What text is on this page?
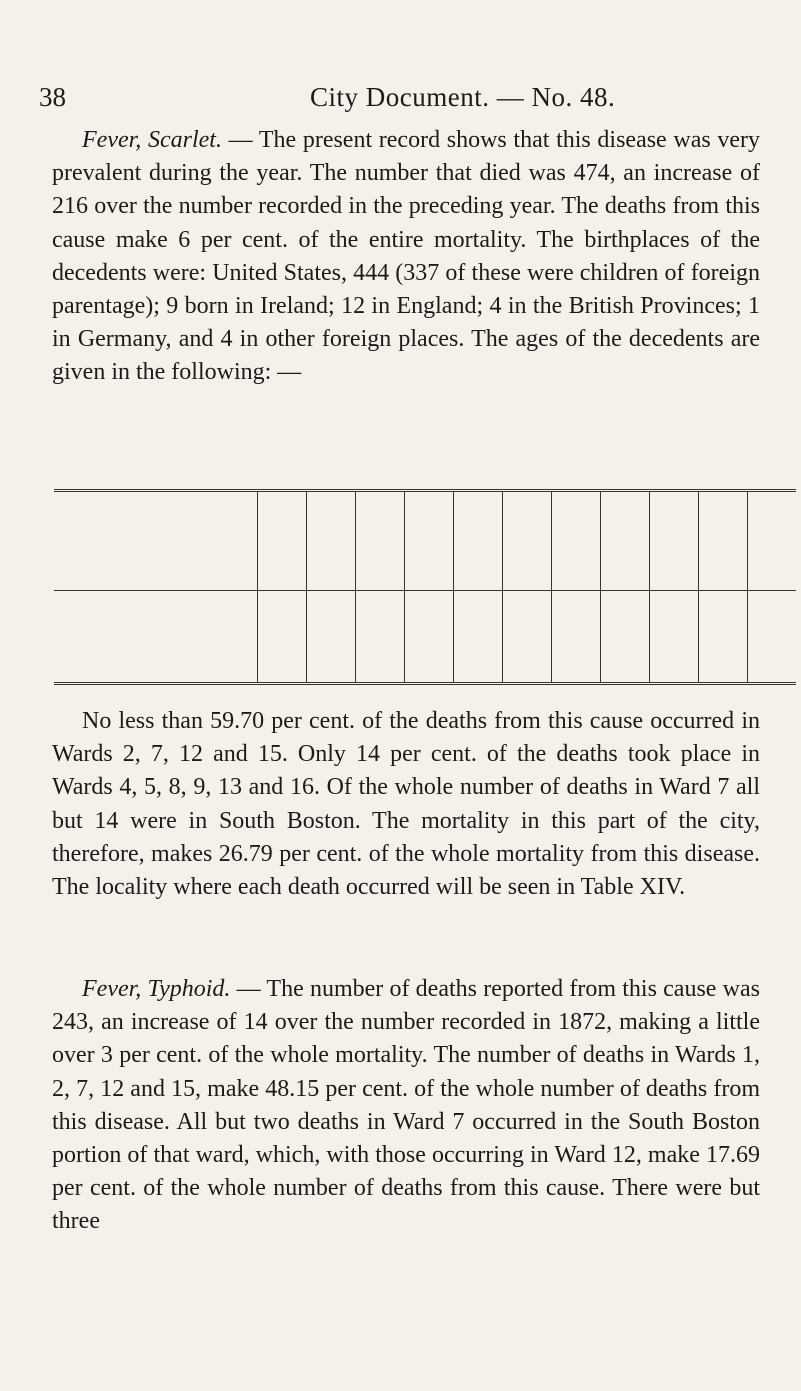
38	City Document. — No. 48.

Fever, Scarlet. — The present record shows that this disease was very prevalent during the year. The number that died was 474, an increase of 216 over the number recorded in the preceding year. The deaths from this cause make 6 per cent. of the entire mortality. The birthplaces of the decedents were: United States, 444 (337 of these were children of foreign parentage); 9 born in Ireland; 12 in England; 4 in the British Provinces; 1 in Germany, and 4 in other foreign places. The ages of the decedents are given in the following: —

No less than 59.70 per cent. of the deaths from this cause occurred in Wards 2, 7, 12 and 15. Only 14 per cent. of the deaths took place in Wards 4, 5, 8, 9, 13 and 16. Of the whole number of deaths in Ward 7 all but 14 were in South Boston. The mortality in this part of the city, therefore, makes 26.79 per cent. of the whole mortality from this disease. The locality where each death occurred will be seen in Table XIV.

Fever, Typhoid. — The number of deaths reported from this cause was 243, an increase of 14 over the number recorded in 1872, making a little over 3 per cent. of the whole mortality. The number of deaths in Wards 1, 2, 7, 12 and 15, make 48.15 per cent. of the whole number of deaths from this disease. All but two deaths in Ward 7 occurred in the South Boston portion of that ward, which, with those occurring in Ward 12, make 17.69 per cent. of the whole number of deaths from this cause. There were but three
